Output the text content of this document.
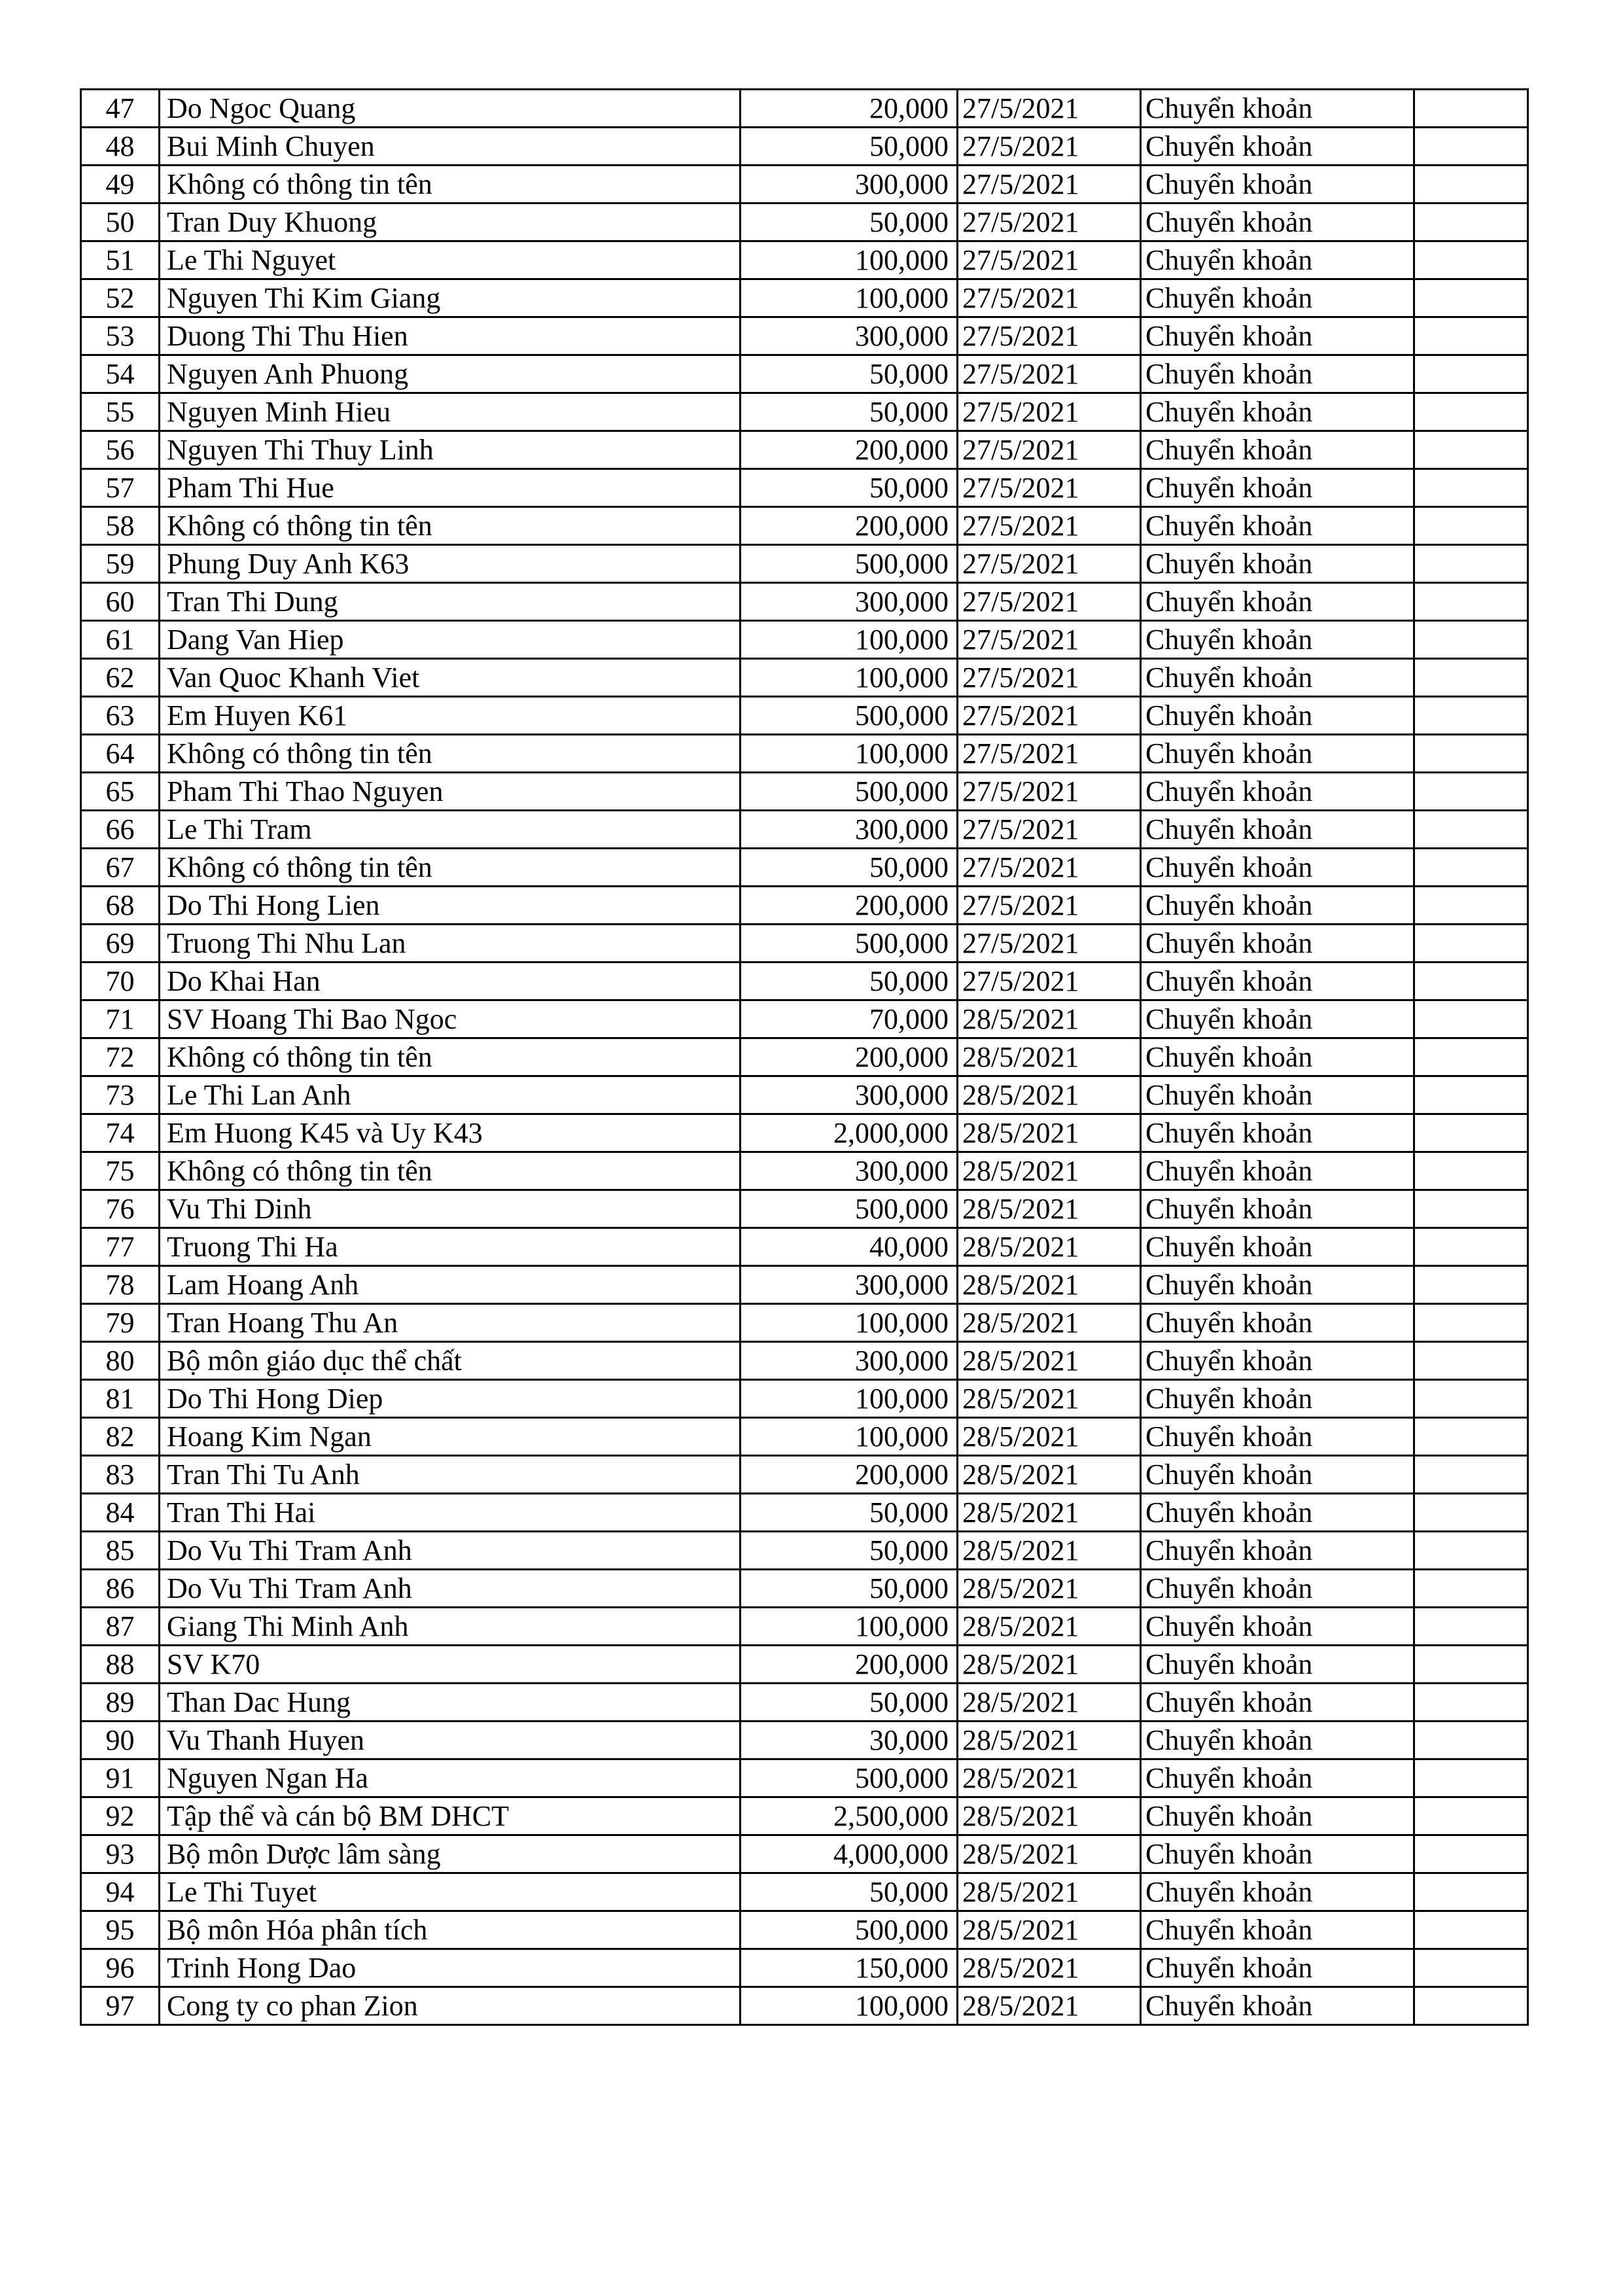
47	Do Ngoc Quang	20,000	27/5/2021	Chuyển khoản	
48	Bui Minh Chuyen	50,000	27/5/2021	Chuyển khoản	
49	Không có thông tin tên	300,000	27/5/2021	Chuyển khoản	
50	Tran Duy Khuong	50,000	27/5/2021	Chuyển khoản	
51	Le Thi Nguyet	100,000	27/5/2021	Chuyển khoản	
52	Nguyen Thi Kim Giang	100,000	27/5/2021	Chuyển khoản	
53	Duong Thi Thu Hien	300,000	27/5/2021	Chuyển khoản	
54	Nguyen Anh Phuong	50,000	27/5/2021	Chuyển khoản	
55	Nguyen Minh Hieu	50,000	27/5/2021	Chuyển khoản	
56	Nguyen Thi Thuy Linh	200,000	27/5/2021	Chuyển khoản	
57	Pham Thi Hue	50,000	27/5/2021	Chuyển khoản	
58	Không có thông tin tên	200,000	27/5/2021	Chuyển khoản	
59	Phung Duy Anh K63	500,000	27/5/2021	Chuyển khoản	
60	Tran Thi Dung	300,000	27/5/2021	Chuyển khoản	
61	Dang Van Hiep	100,000	27/5/2021	Chuyển khoản	
62	Van Quoc Khanh Viet	100,000	27/5/2021	Chuyển khoản	
63	Em Huyen K61	500,000	27/5/2021	Chuyển khoản	
64	Không có thông tin tên	100,000	27/5/2021	Chuyển khoản	
65	Pham Thi Thao Nguyen	500,000	27/5/2021	Chuyển khoản	
66	Le Thi Tram	300,000	27/5/2021	Chuyển khoản	
67	Không có thông tin tên	50,000	27/5/2021	Chuyển khoản	
68	Do Thi Hong Lien	200,000	27/5/2021	Chuyển khoản	
69	Truong Thi Nhu Lan	500,000	27/5/2021	Chuyển khoản	
70	Do Khai Han	50,000	27/5/2021	Chuyển khoản	
71	SV Hoang Thi Bao Ngoc	70,000	28/5/2021	Chuyển khoản	
72	Không có thông tin tên	200,000	28/5/2021	Chuyển khoản	
73	Le Thi Lan Anh	300,000	28/5/2021	Chuyển khoản	
74	Em Huong K45 và Uy K43	2,000,000	28/5/2021	Chuyển khoản	
75	Không có thông tin tên	300,000	28/5/2021	Chuyển khoản	
76	Vu Thi Dinh	500,000	28/5/2021	Chuyển khoản	
77	Truong Thi Ha	40,000	28/5/2021	Chuyển khoản	
78	Lam Hoang Anh	300,000	28/5/2021	Chuyển khoản	
79	Tran Hoang Thu An	100,000	28/5/2021	Chuyển khoản	
80	Bộ môn giáo dục thể chất	300,000	28/5/2021	Chuyển khoản	
81	Do Thi Hong Diep	100,000	28/5/2021	Chuyển khoản	
82	Hoang Kim Ngan	100,000	28/5/2021	Chuyển khoản	
83	Tran Thi Tu Anh	200,000	28/5/2021	Chuyển khoản	
84	Tran Thi Hai	50,000	28/5/2021	Chuyển khoản	
85	Do Vu Thi Tram Anh	50,000	28/5/2021	Chuyển khoản	
86	Do Vu Thi Tram Anh	50,000	28/5/2021	Chuyển khoản	
87	Giang Thi Minh Anh	100,000	28/5/2021	Chuyển khoản	
88	SV K70	200,000	28/5/2021	Chuyển khoản	
89	Than Dac Hung	50,000	28/5/2021	Chuyển khoản	
90	Vu Thanh Huyen	30,000	28/5/2021	Chuyển khoản	
91	Nguyen Ngan Ha	500,000	28/5/2021	Chuyển khoản	
92	Tập thể và cán bộ BM DHCT	2,500,000	28/5/2021	Chuyển khoản	
93	Bộ môn Dược lâm sàng	4,000,000	28/5/2021	Chuyển khoản	
94	Le Thi Tuyet	50,000	28/5/2021	Chuyển khoản	
95	Bộ môn Hóa phân tích	500,000	28/5/2021	Chuyển khoản	
96	Trinh Hong Dao	150,000	28/5/2021	Chuyển khoản	
97	Cong ty co phan Zion	100,000	28/5/2021	Chuyển khoản	
